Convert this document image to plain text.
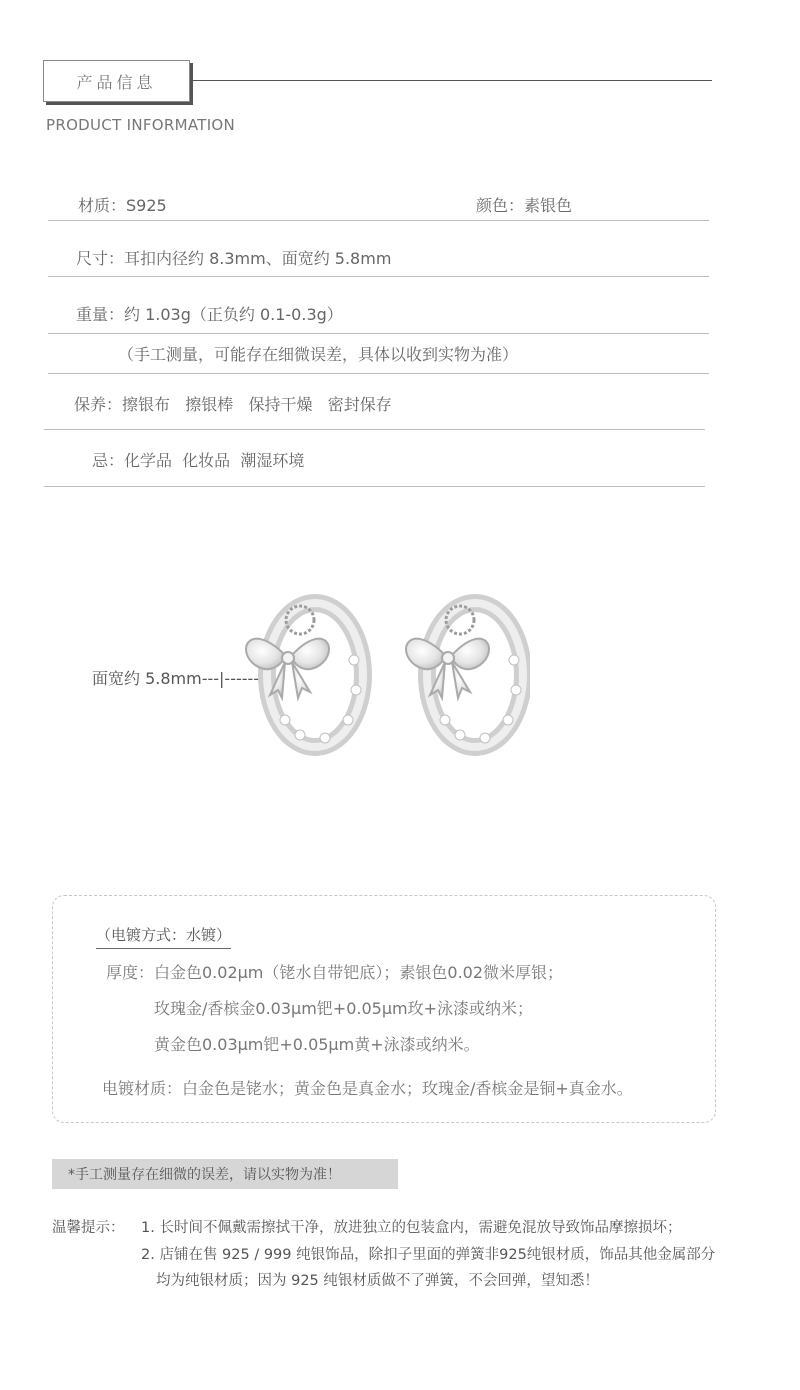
产品信息
PRODUCT INFORMATION
材质：S925	颜色：素银色
尺寸：耳扣内径约 8.3mm、面宽约 5.8mm
重量：约 1.03g（正负约 0.1-0.3g）
（手工测量，可能存在细微误差，具体以收到实物为准）
保养：擦银布   擦银棒   保持干燥   密封保存
忌：化学品  化妆品  潮湿环境
面宽约 5.8mm---|---------
（电镀方式：水镀）
厚度：白金色0.02μm（铑水自带钯底）；素银色0.02微米厚银；
玫瑰金/香槟金0.03μm钯+0.05μm玫+泳漆或纳米；
黄金色0.03μm钯+0.05μm黄+泳漆或纳米。
电镀材质：白金色是铑水；黄金色是真金水；玫瑰金/香槟金是铜+真金水。
*手工测量存在细微的误差，请以实物为准！
温馨提示： 1. 长时间不佩戴需擦拭干净，放进独立的包装盒内，需避免混放导致饰品摩擦损坏；
2. 店铺在售 925 / 999 纯银饰品，除扣子里面的弹簧非925纯银材质，饰品其他金属部分
均为纯银材质；因为 925 纯银材质做不了弹簧，不会回弹，望知悉！
